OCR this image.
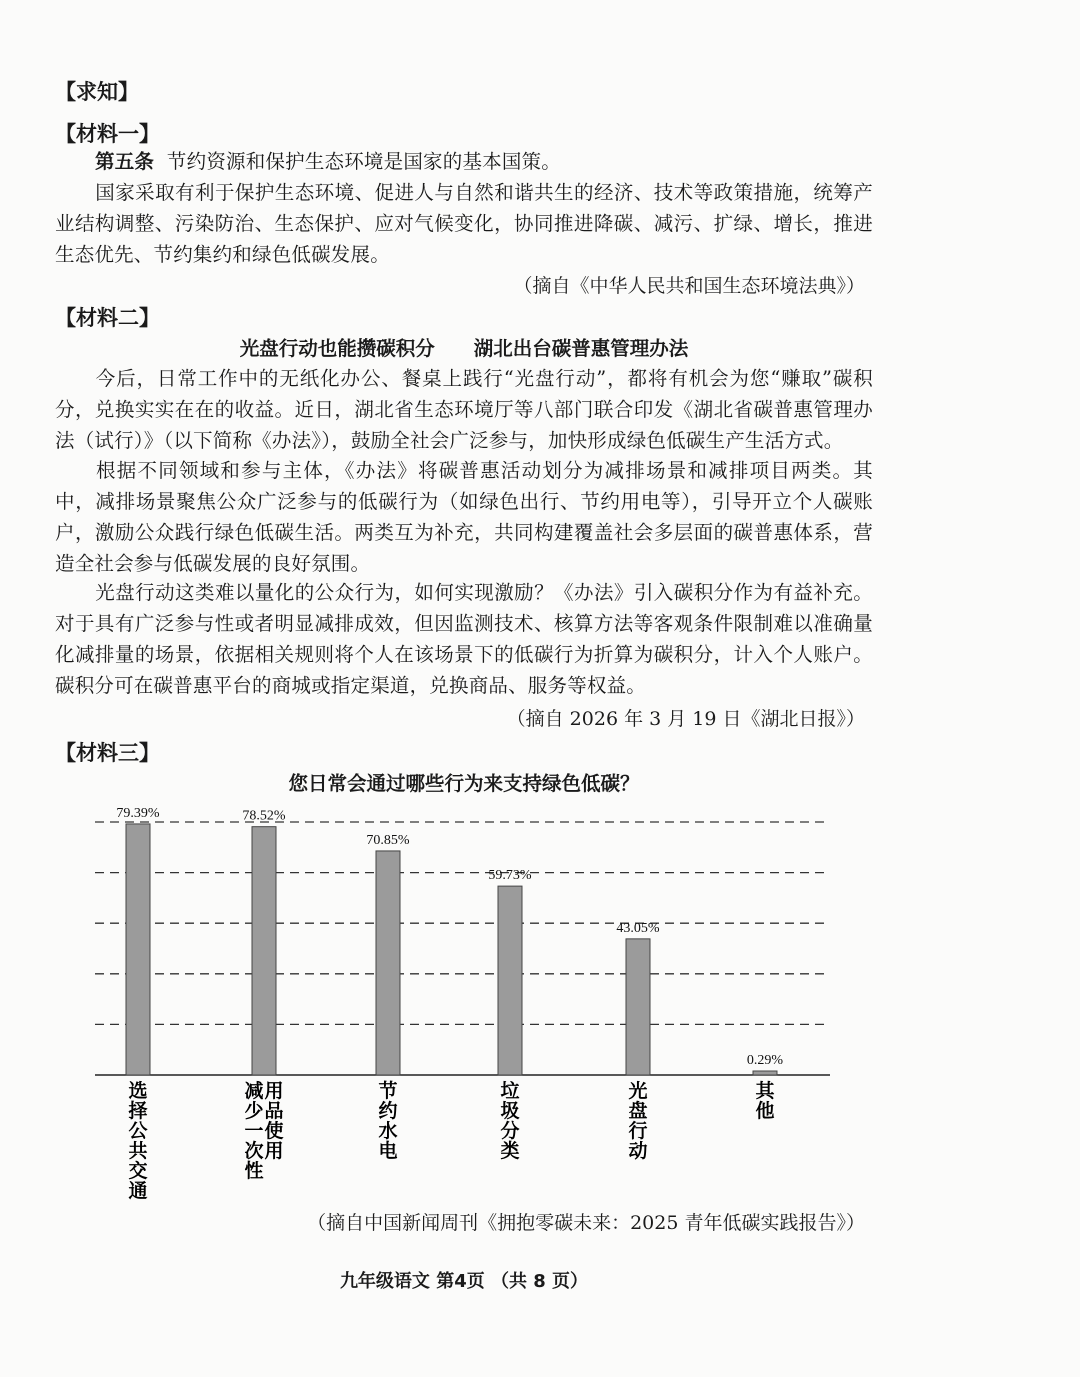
【求知】
【材料一】
第五条 节约资源和保护生态环境是国家的基本国策。
国家采取有利于保护生态环境、促进人与自然和谐共生的经济、技术等政策措施，统筹产业结构调整、污染防治、生态保护、应对气候变化，协同推进降碳、减污、扩绿、增长，推进生态优先、节约集约和绿色低碳发展。
（摘自《中华人民共和国生态环境法典》）
【材料二】
光盘行动也能攒碳积分　　湖北出台碳普惠管理办法
今后，日常工作中的无纸化办公、餐桌上践行“光盘行动”，都将有机会为您“赚取”碳积分，兑换实实在在的收益。近日，湖北省生态环境厅等八部门联合印发《湖北省碳普惠管理办法（试行）》（以下简称《办法》），鼓励全社会广泛参与，加快形成绿色低碳生产生活方式。
根据不同领域和参与主体，《办法》将碳普惠活动划分为减排场景和减排项目两类。其中，减排场景聚焦公众广泛参与的低碳行为（如绿色出行、节约用电等），引导开立个人碳账户，激励公众践行绿色低碳生活。两类互为补充，共同构建覆盖社会多层面的碳普惠体系，营造全社会参与低碳发展的良好氛围。
光盘行动这类难以量化的公众行为，如何实现激励？《办法》引入碳积分作为有益补充。对于具有广泛参与性或者明显减排成效，但因监测技术、核算方法等客观条件限制难以准确量化减排量的场景，依据相关规则将个人在该场景下的低碳行为折算为碳积分，计入个人账户。碳积分可在碳普惠平台的商城或指定渠道，兑换商品、服务等权益。
（摘自 2026 年 3 月 19 日《湖北日报》）
【材料三】
您日常会通过哪些行为来支持绿色低碳？
79.39%
选
择
公
共
交
通
78.52%
减
少
一
次
性
用
品
使
用
70.85%
节
约
水
电
59.73%
垃
圾
分
类
43.05%
光
盘
行
动
0.29%
其
他
（摘自中国新闻周刊《拥抱零碳未来：2025 青年低碳实践报告》）
九年级语文 第4页 （共 8 页）
